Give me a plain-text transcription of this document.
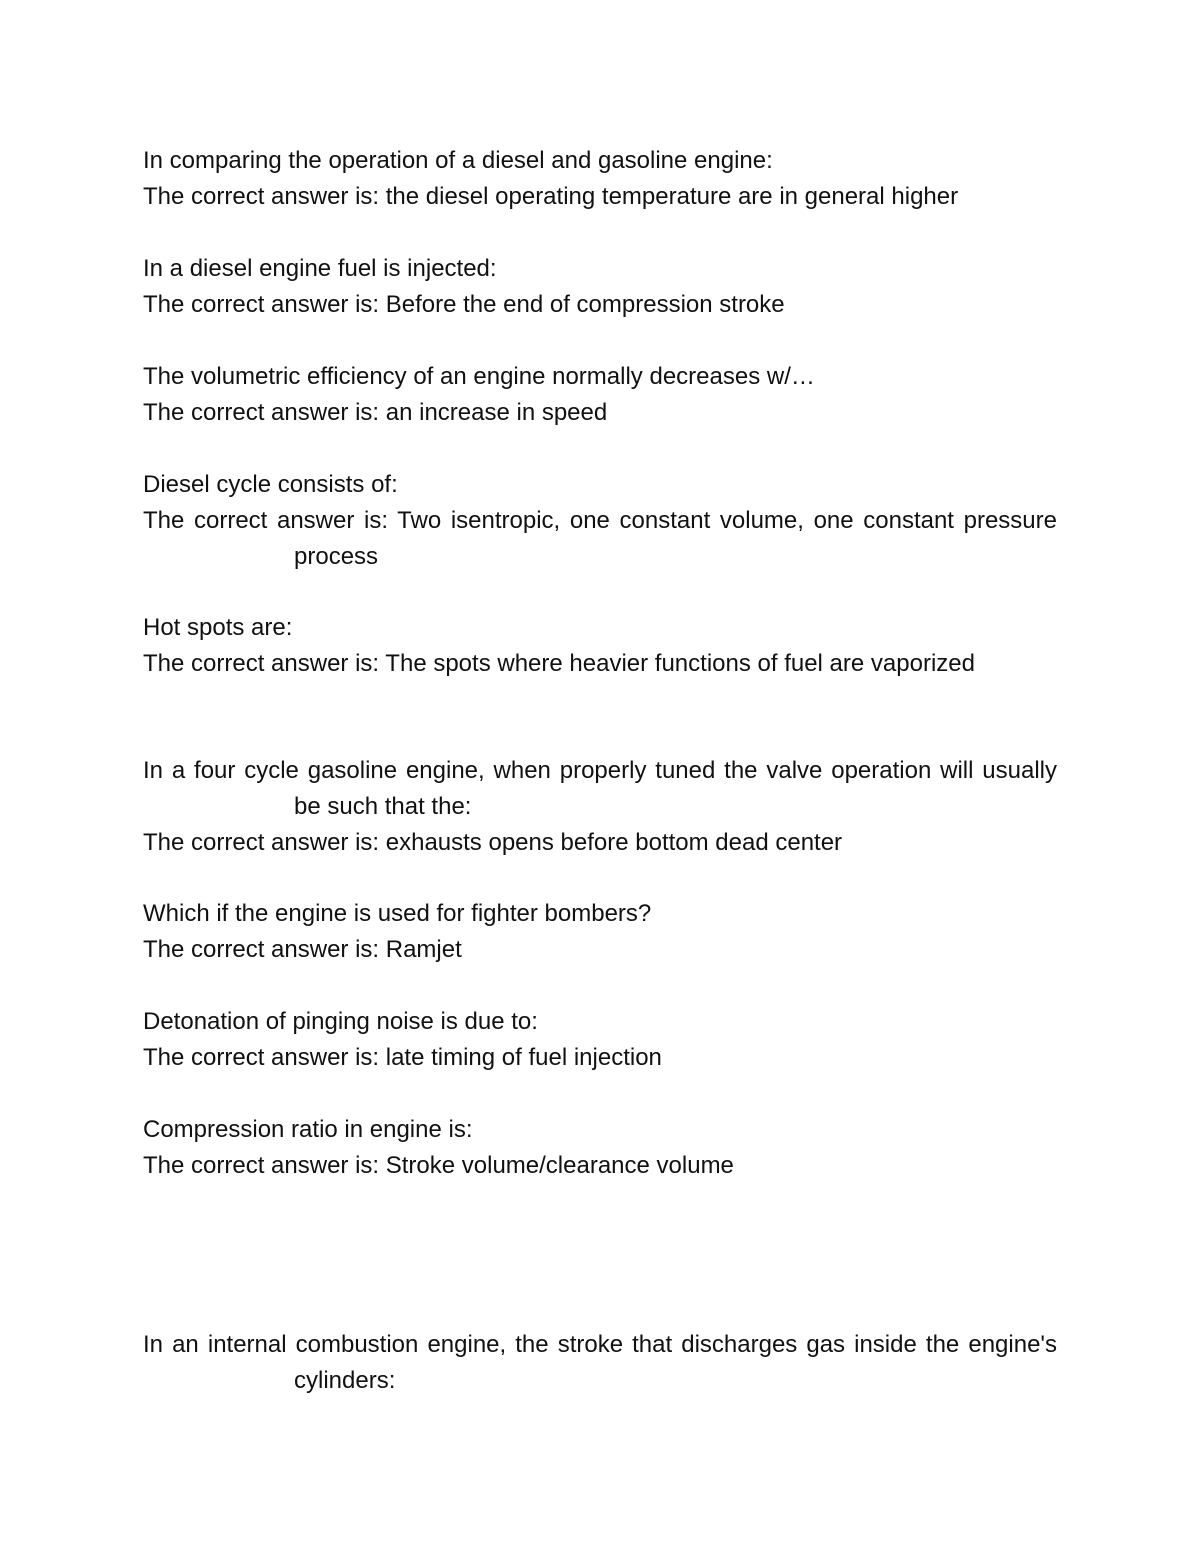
In comparing the operation of a diesel and gasoline engine:
The correct answer is: the diesel operating temperature are in general higher
In a diesel engine fuel is injected:
The correct answer is: Before the end of compression stroke
The volumetric efficiency of an engine normally decreases w/…
The correct answer is: an increase in speed
Diesel cycle consists of:
The correct answer is: Two isentropic, one constant volume, one constant pressure process
Hot spots are:
The correct answer is: The spots where heavier functions of fuel are vaporized
In a four cycle gasoline engine, when properly tuned the valve operation will usually be such that the:
The correct answer is: exhausts opens before bottom dead center
Which if the engine is used for fighter bombers?
The correct answer is: Ramjet
Detonation of pinging noise is due to:
The correct answer is: late timing of fuel injection
Compression ratio in engine is:
The correct answer is: Stroke volume/clearance volume
In an internal combustion engine, the stroke that discharges gas inside the engine's cylinders:
